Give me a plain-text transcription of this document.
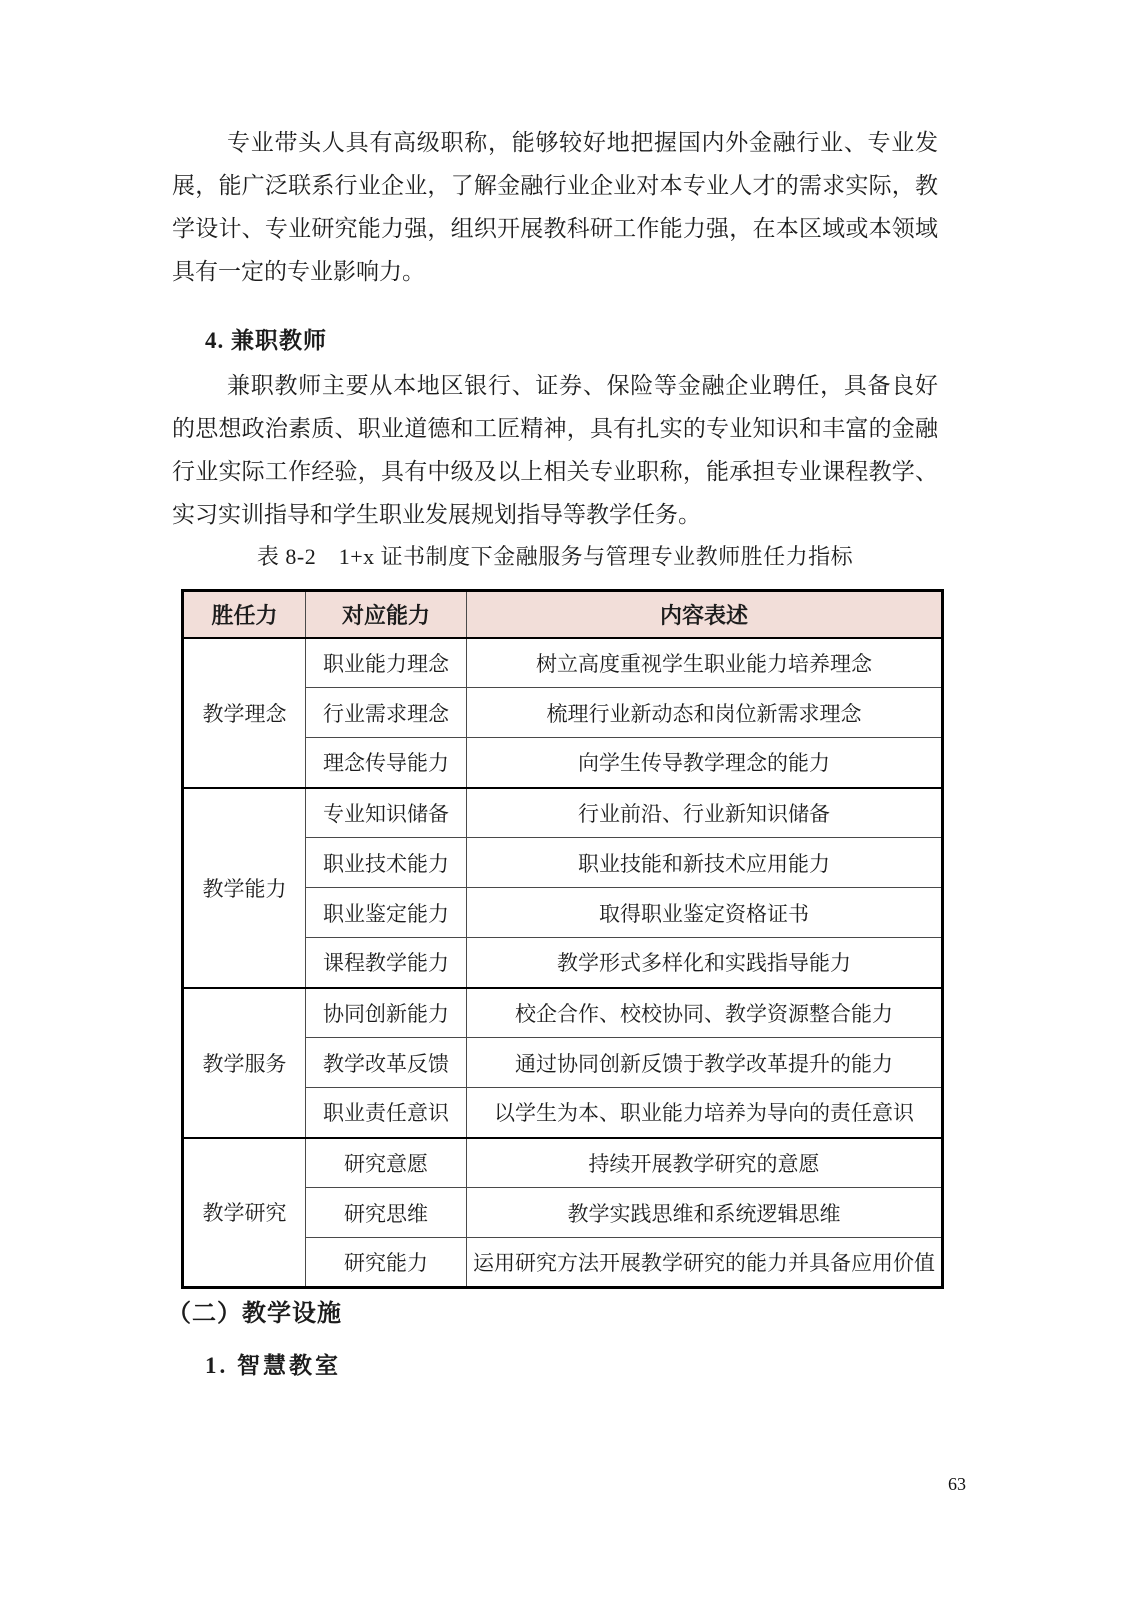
专业带头人具有高级职称，能够较好地把握国内外金融行业、专业发展，能广泛联系行业企业，了解金融行业企业对本专业人才的需求实际，教学设计、专业研究能力强，组织开展教科研工作能力强，在本区域或本领域具有一定的专业影响力。

4. 兼职教师

兼职教师主要从本地区银行、证券、保险等金融企业聘任，具备良好的思想政治素质、职业道德和工匠精神，具有扎实的专业知识和丰富的金融行业实际工作经验，具有中级及以上相关专业职称，能承担专业课程教学、实习实训指导和学生职业发展规划指导等教学任务。

表 8-2　1+x 证书制度下金融服务与管理专业教师胜任力指标
胜任力	对应能力	内容表述
教学理念	职业能力理念	树立高度重视学生职业能力培养理念
	行业需求理念	梳理行业新动态和岗位新需求理念
	理念传导能力	向学生传导教学理念的能力
教学能力	专业知识储备	行业前沿、行业新知识储备
	职业技术能力	职业技能和新技术应用能力
	职业鉴定能力	取得职业鉴定资格证书
	课程教学能力	教学形式多样化和实践指导能力
教学服务	协同创新能力	校企合作、校校协同、教学资源整合能力
	教学改革反馈	通过协同创新反馈于教学改革提升的能力
	职业责任意识	以学生为本、职业能力培养为导向的责任意识
教学研究	研究意愿	持续开展教学研究的意愿
	研究思维	教学实践思维和系统逻辑思维
	研究能力	运用研究方法开展教学研究的能力并具备应用价值
（二）教学设施
1. 智慧教室
63
